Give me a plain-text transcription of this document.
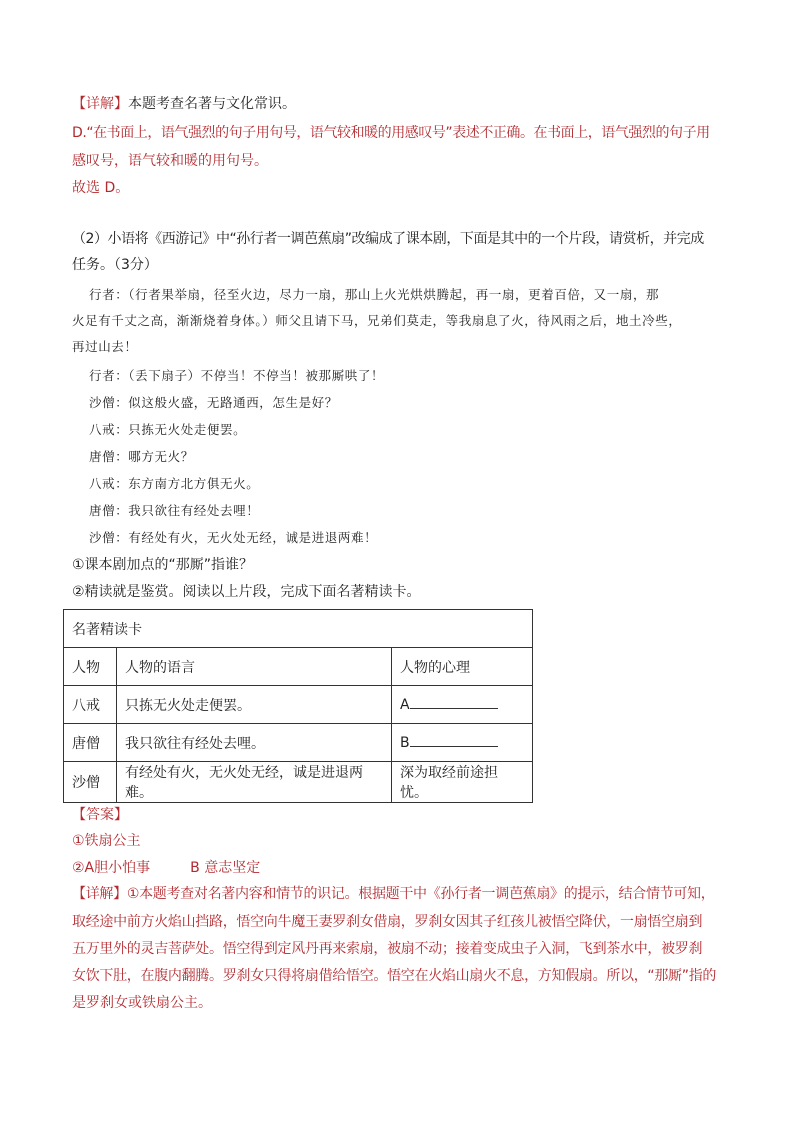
【详解】本题考查名著与文化常识。
D.“在书面上，语气强烈的句子用句号，语气较和暖的用感叹号”表述不正确。在书面上，语气强烈的句子用
感叹号，语气较和暖的用句号。
故选 D。
（2）小语将《西游记》中“孙行者一调芭蕉扇”改编成了课本剧，下面是其中的一个片段，请赏析，并完成
任务。（3分）
行者：（行者果举扇，径至火边，尽力一扇，那山上火光烘烘腾起，再一扇，更着百倍，又一扇，那
火足有千丈之高，渐渐烧着身体。）师父且请下马，兄弟们莫走，等我扇息了火，待风雨之后，地土冷些，
再过山去！
行者：（丢下扇子）不停当！不停当！被那厮哄了！
沙僧：似这般火盛，无路通西，怎生是好？
八戒：只拣无火处走便罢。
唐僧：哪方无火？
八戒：东方南方北方俱无火。
唐僧：我只欲往有经处去哩！
沙僧：有经处有火，无火处无经，诚是进退两难！
①课本剧加点的“那厮”指谁？
②精读就是鉴赏。阅读以上片段，完成下面名著精读卡。
名著精读卡		
人物	人物的语言	人物的心理
八戒	只拣无火处走便罢。	A
唐僧	我只欲往有经处去哩。	B
沙僧	有经处有火，无火处无经，诚是进退两难。	深为取经前途担忧。
【答案】
①铁扇公主
②A胆小怕事	B 意志坚定
【详解】①本题考查对名著内容和情节的识记。根据题干中《孙行者一调芭蕉扇》的提示，结合情节可知，
取经途中前方火焰山挡路，悟空向牛魔王妻罗刹女借扇，罗刹女因其子红孩儿被悟空降伏，一扇悟空扇到
五万里外的灵吉菩萨处。悟空得到定风丹再来索扇，被扇不动；接着变成虫子入洞，飞到茶水中，被罗刹
女饮下肚，在腹内翻腾。罗刹女只得将扇借给悟空。悟空在火焰山扇火不息，方知假扇。所以，“那厮”指的
是罗刹女或铁扇公主。
